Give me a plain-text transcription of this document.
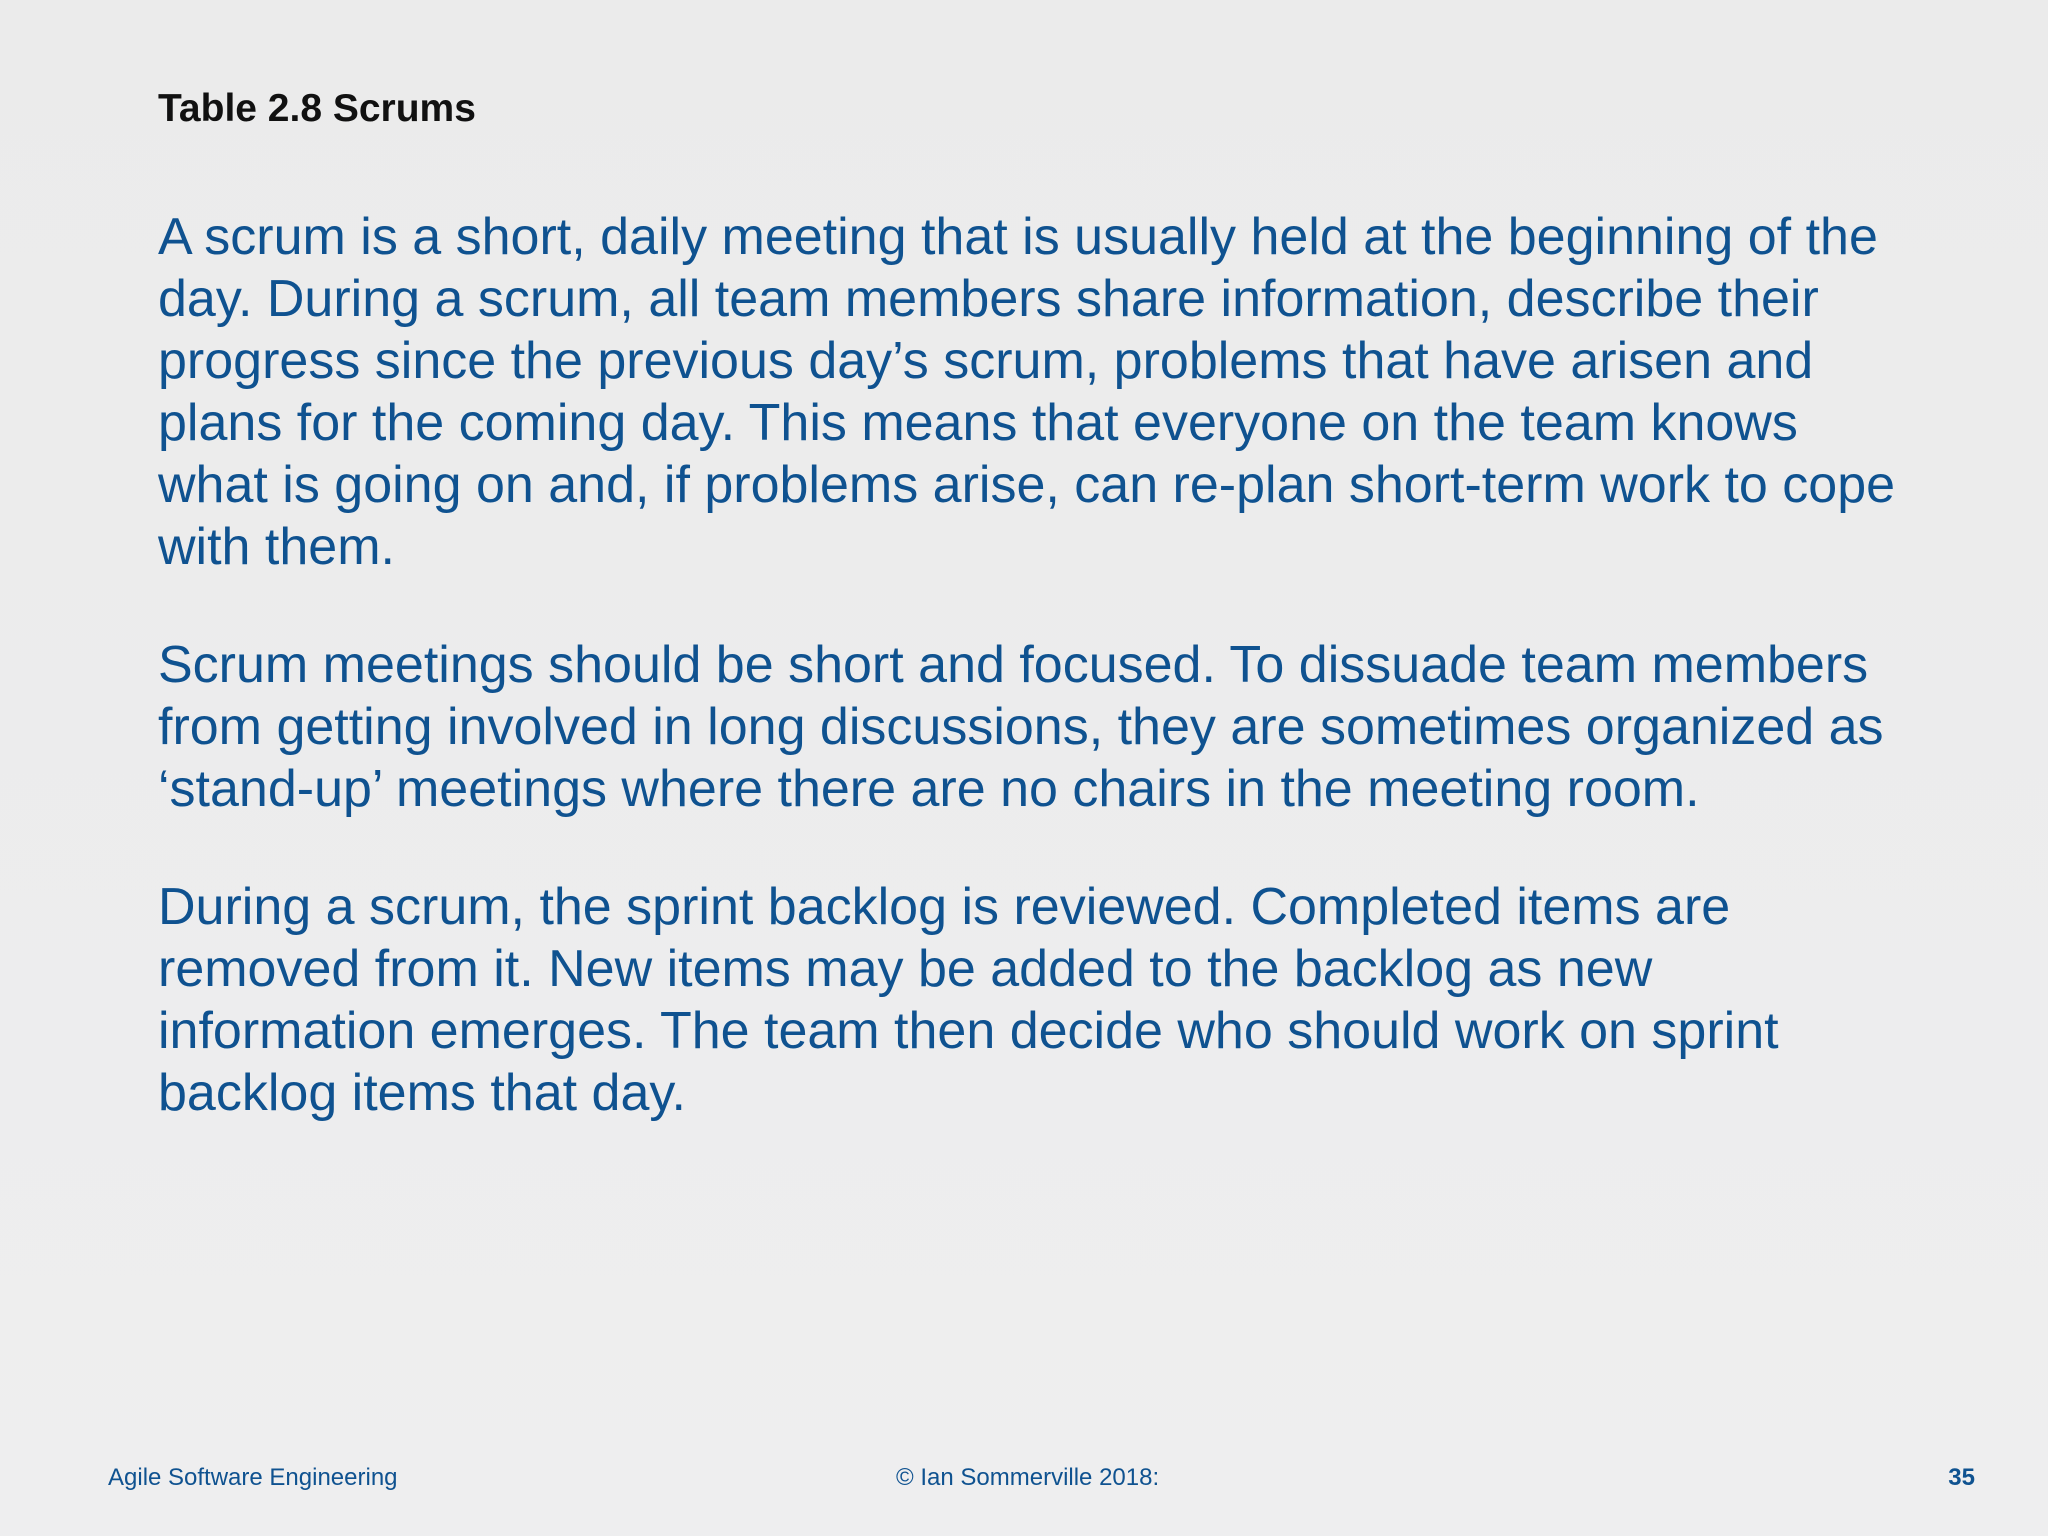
Table 2.8 Scrums

A scrum is a short, daily meeting that is usually held at the beginning of the day. During a scrum, all team members share information, describe their progress since the previous day’s scrum, problems that have arisen and plans for the coming day. This means that everyone on the team knows what is going on and, if problems arise, can re-plan short-term work to cope with them.

Scrum meetings should be short and focused. To dissuade team members from getting involved in long discussions, they are sometimes organized as ‘stand-up’ meetings where there are no chairs in the meeting room.

During a scrum, the sprint backlog is reviewed. Completed items are removed from it. New items may be added to the backlog as new information emerges. The team then decide who should work on sprint backlog items that day.

Agile Software Engineering	© Ian Sommerville 2018:	35
